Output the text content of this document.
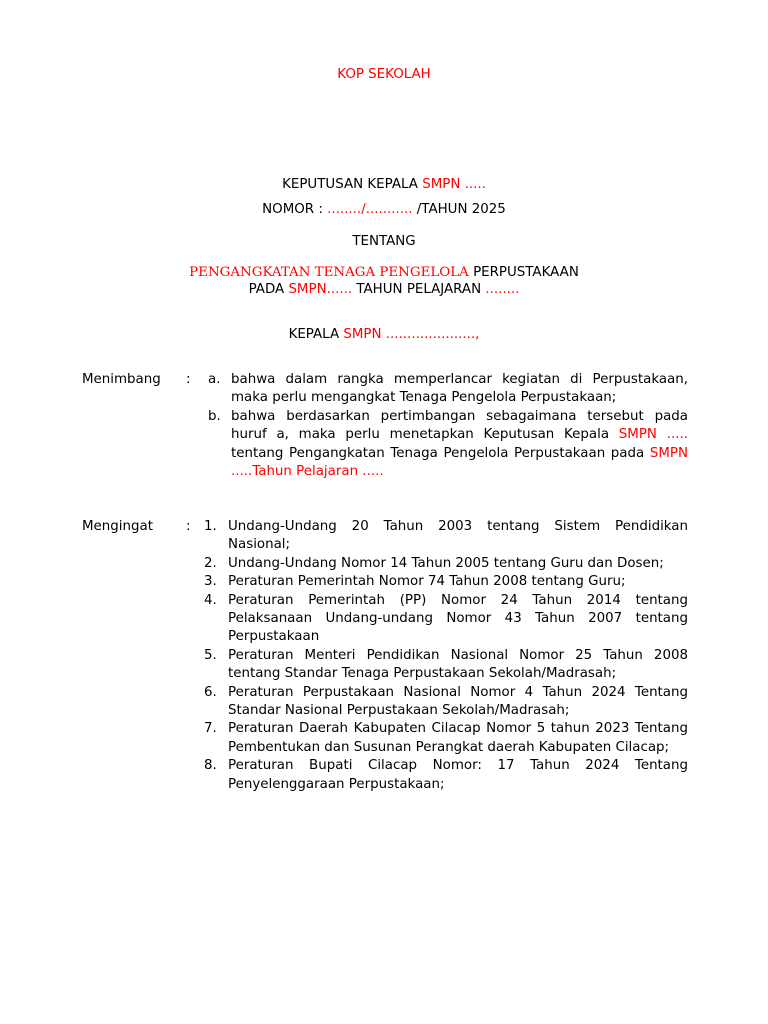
KOP SEKOLAH
KEPUTUSAN KEPALA SMPN .....
NOMOR : ......../........... /TAHUN 2025
TENTANG
PENGANGKATAN TENAGA PENGELOLA PERPUSTAKAAN
PADA SMPN...... TAHUN PELAJARAN ........
KEPALA SMPN .....................,
Menimbang : a. bahwa dalam rangka memperlancar kegiatan di Perpustakaan, maka perlu mengangkat Tenaga Pengelola Perpustakaan;
b. bahwa berdasarkan pertimbangan sebagaimana tersebut pada huruf a, maka perlu menetapkan Keputusan Kepala SMPN ..... tentang Pengangkatan Tenaga Pengelola Perpustakaan pada SMPN .....Tahun Pelajaran .....
Mengingat : 1. Undang-Undang 20 Tahun 2003 tentang Sistem Pendidikan Nasional;
2. Undang-Undang Nomor 14 Tahun 2005 tentang Guru dan Dosen;
3. Peraturan Pemerintah Nomor 74 Tahun 2008 tentang Guru;
4. Peraturan Pemerintah (PP) Nomor 24 Tahun 2014 tentang Pelaksanaan Undang-undang Nomor 43 Tahun 2007 tentang Perpustakaan
5. Peraturan Menteri Pendidikan Nasional Nomor 25 Tahun 2008 tentang Standar Tenaga Perpustakaan Sekolah/Madrasah;
6. Peraturan Perpustakaan Nasional Nomor 4 Tahun 2024 Tentang Standar Nasional Perpustakaan Sekolah/Madrasah;
7. Peraturan Daerah Kabupaten Cilacap Nomor 5 tahun 2023 Tentang Pembentukan dan Susunan Perangkat daerah Kabupaten Cilacap;
8. Peraturan Bupati Cilacap Nomor: 17 Tahun 2024 Tentang Penyelenggaraan Perpustakaan;
